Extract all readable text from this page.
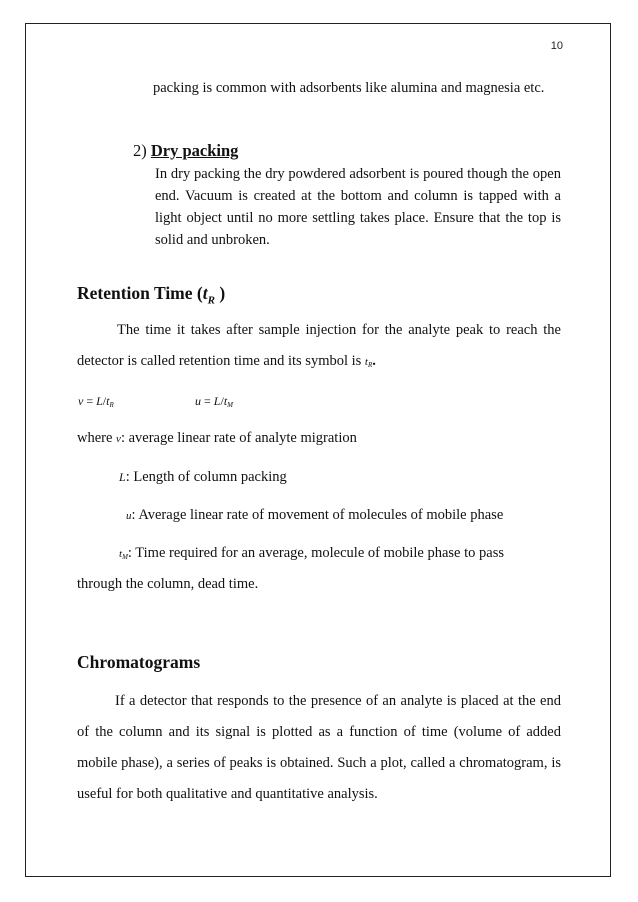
10

packing is common with adsorbents like alumina and magnesia etc.

2) Dry packing

In dry packing the dry powdered adsorbent is poured though the open end. Vacuum is created at the bottom and column is tapped with a light object until no more settling takes place. Ensure that the top is solid and unbroken.

Retention Time ($t_R$ )

The time it takes after sample injection for the analyte peak to reach the detector is called retention time and its symbol is $t_R$.

$v = L/t_R$	$u = L/t_M$

where v: average linear rate of analyte migration

L: Length of column packing

u: Average linear rate of movement of molecules of mobile phase

$t_M$: Time required for an average, molecule of mobile phase to pass

through the column, dead time.

Chromatograms

If a detector that responds to the presence of an analyte is placed at the end of the column and its signal is plotted as a function of time (volume of added mobile phase), a series of peaks is obtained. Such a plot, called a chromatogram, is useful for both qualitative and quantitative analysis.
